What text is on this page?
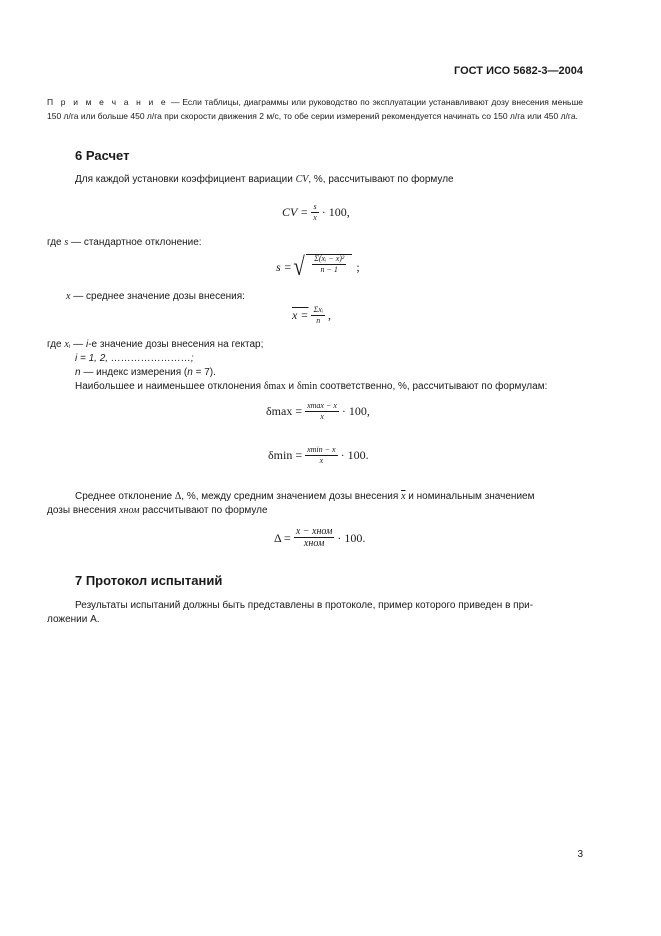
ГОСТ ИСО 5682-3—2004
П р и м е ч а н и е — Если таблицы, диаграммы или руководство по эксплуатации устанавливают дозу внесения меньше 150 л/га или больше 450 л/га при скорости движения 2 м/с, то обе серии измерений рекомендуется начинать со 150 л/га или 450 л/га.
6 Расчет
Для каждой установки коэффициент вариации CV, %, рассчитывают по формуле
CV = $\frac{s}{x} \cdot 100$,
где s — стандартное отклонение:
s = √ $\frac{\text{Σ(xᵢ − x)²}}{n - 1}$ ;
x — среднее значение дозы внесения:
$x = \frac{\text{Σxᵢ}}{n}$ ,
где xᵢ — i-е значение дозы внесения на гектар;
i = 1, 2, ……………………;
n — индекс измерения (n = 7).
Наибольшее и наименьшее отклонения δmax и δmin соответственно, %, рассчитывают по формулам:
$\delta\max = \frac{xmax - x}{x} \cdot 100$,
$\delta\min = \frac{xmin - x}{x} \cdot 100$.
Среднее отклонение Δ, %, между средним значением дозы внесения $\overline{x}$ и номинальным значением
дозы внесения xном рассчитывают по формуле
$\Delta = \frac{\text{x − xном}}{\text{xном}} \cdot 100$.
7 Протокол испытаний
Результаты испытаний должны быть представлены в протоколе, пример которого приведен в при-
ложении А.
3
